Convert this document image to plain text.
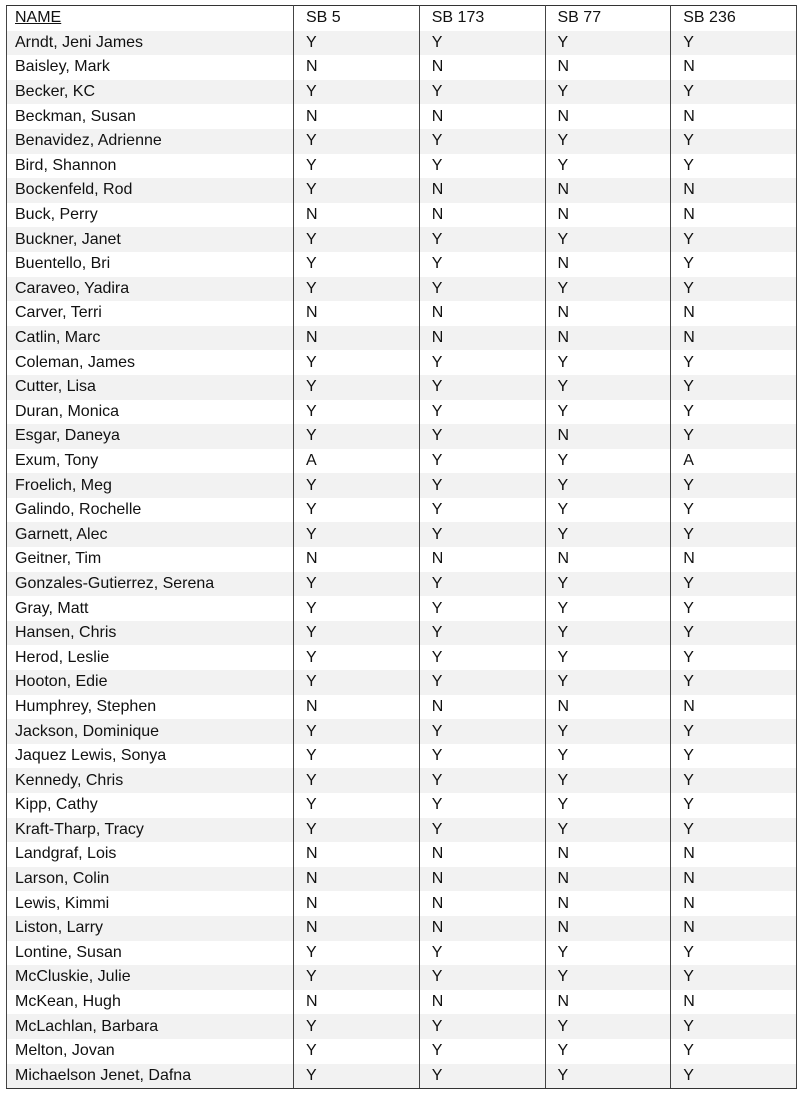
NAME	SB 5	SB 173	SB 77	SB 236
Arndt, Jeni James	Y	Y	Y	Y
Baisley, Mark	N	N	N	N
Becker, KC	Y	Y	Y	Y
Beckman, Susan	N	N	N	N
Benavidez, Adrienne	Y	Y	Y	Y
Bird, Shannon	Y	Y	Y	Y
Bockenfeld, Rod	Y	N	N	N
Buck, Perry	N	N	N	N
Buckner, Janet	Y	Y	Y	Y
Buentello, Bri	Y	Y	N	Y
Caraveo, Yadira	Y	Y	Y	Y
Carver, Terri	N	N	N	N
Catlin, Marc	N	N	N	N
Coleman, James	Y	Y	Y	Y
Cutter, Lisa	Y	Y	Y	Y
Duran, Monica	Y	Y	Y	Y
Esgar, Daneya	Y	Y	N	Y
Exum, Tony	A	Y	Y	A
Froelich, Meg	Y	Y	Y	Y
Galindo, Rochelle	Y	Y	Y	Y
Garnett, Alec	Y	Y	Y	Y
Geitner, Tim	N	N	N	N
Gonzales-Gutierrez, Serena	Y	Y	Y	Y
Gray, Matt	Y	Y	Y	Y
Hansen, Chris	Y	Y	Y	Y
Herod, Leslie	Y	Y	Y	Y
Hooton, Edie	Y	Y	Y	Y
Humphrey, Stephen	N	N	N	N
Jackson, Dominique	Y	Y	Y	Y
Jaquez Lewis, Sonya	Y	Y	Y	Y
Kennedy, Chris	Y	Y	Y	Y
Kipp, Cathy	Y	Y	Y	Y
Kraft-Tharp, Tracy	Y	Y	Y	Y
Landgraf, Lois	N	N	N	N
Larson, Colin	N	N	N	N
Lewis, Kimmi	N	N	N	N
Liston, Larry	N	N	N	N
Lontine, Susan	Y	Y	Y	Y
McCluskie, Julie	Y	Y	Y	Y
McKean, Hugh	N	N	N	N
McLachlan, Barbara	Y	Y	Y	Y
Melton, Jovan	Y	Y	Y	Y
Michaelson Jenet, Dafna	Y	Y	Y	Y
